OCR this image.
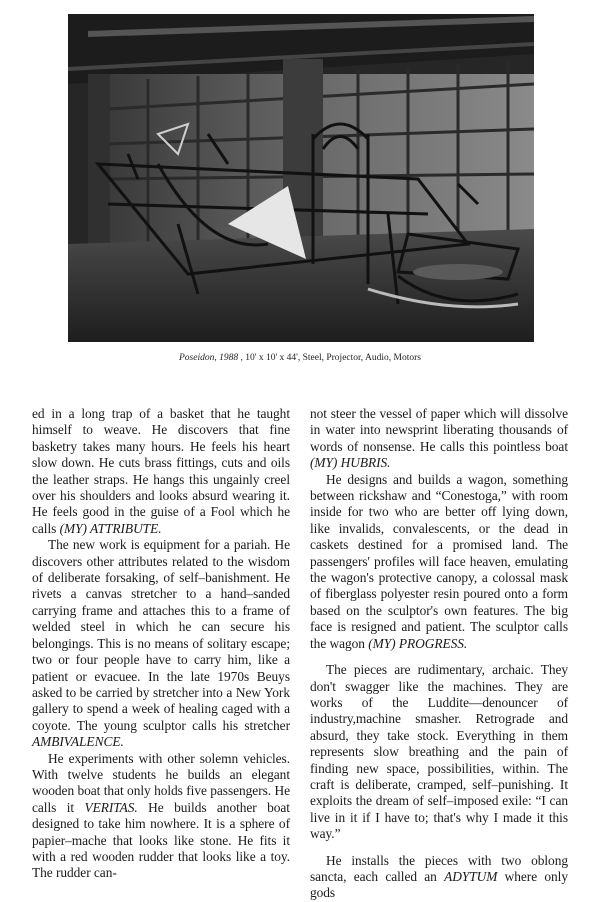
Poseidon, 1988 , 10' x 10' x 44', Steel, Projector, Audio, Motors

ed in a long trap of a basket that he taught himself to weave. He discovers that fine basketry takes many hours. He feels his heart slow down. He cuts brass fittings, cuts and oils the leather straps. He hangs this ungainly creel over his shoulders and looks absurd wearing it. He feels good in the guise of a Fool which he calls (MY) ATTRIBUTE.

The new work is equipment for a pariah. He discovers other attributes related to the wisdom of deliberate forsaking, of self–banishment. He rivets a canvas stretcher to a hand–sanded carrying frame and attaches this to a frame of welded steel in which he can secure his belongings. This is no means of solitary escape; two or four people have to carry him, like a patient or evacuee. In the late 1970s Beuys asked to be carried by stretcher into a New York gallery to spend a week of healing caged with a coyote. The young sculptor calls his stretcher AMBIVALENCE.

He experiments with other solemn vehicles. With twelve students he builds an elegant wooden boat that only holds five passengers. He calls it VERITAS. He builds another boat designed to take him nowhere. It is a sphere of papier–mache that looks like stone. He fits it with a red wooden rudder that looks like a toy. The rudder can-

not steer the vessel of paper which will dissolve in water into newsprint liberating thousands of words of nonsense. He calls this pointless boat (MY) HUBRIS.

He designs and builds a wagon, something between rickshaw and “Conestoga,” with room inside for two who are better off lying down, like invalids, convalescents, or the dead in caskets destined for a promised land. The passengers' profiles will face heaven, emulating the wagon's protective canopy, a colossal mask of fiberglass polyester resin poured onto a form based on the sculptor's own features. The big face is resigned and patient. The sculptor calls the wagon (MY) PROGRESS.

The pieces are rudimentary, archaic. They don't swagger like the machines. They are works of the Luddite—denouncer of industry,machine smasher. Retrograde and absurd, they take stock. Everything in them represents slow breathing and the pain of finding new space, possibilities, within. The craft is deliberate, cramped, self–punishing. It exploits the dream of self–imposed exile: “I can live in it if I have to; that's why I made it this way.”

He installs the pieces with two oblong sancta, each called an ADYTUM where only gods
